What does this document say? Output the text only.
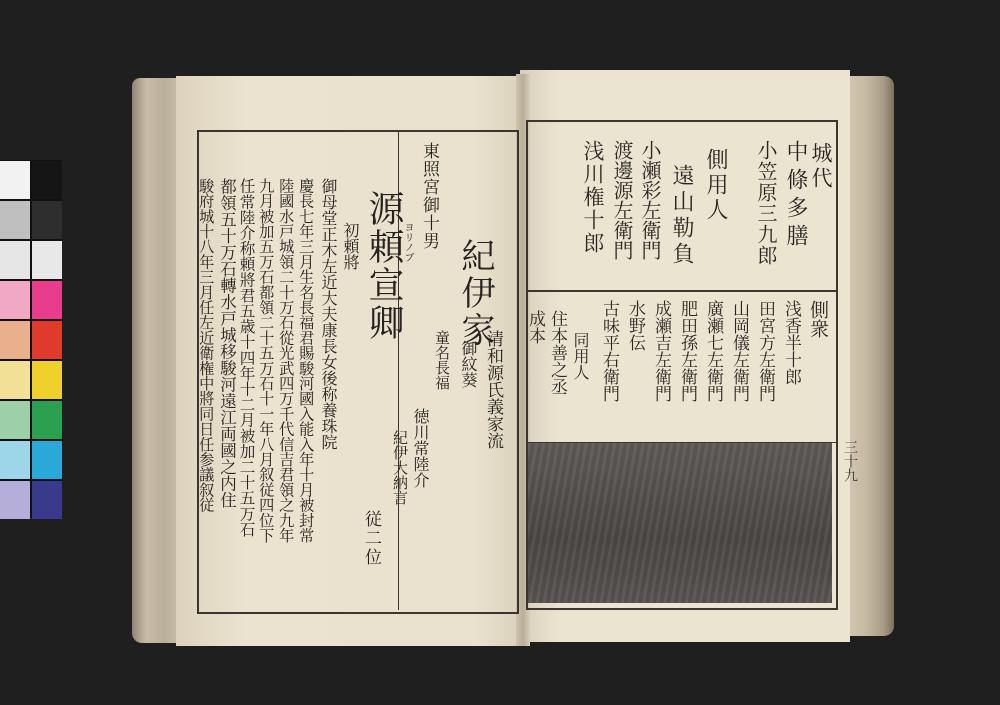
東照宮御十男
ヨリノブ
源頼宣卿
初頼將
御母堂正木左近大夫康長女後称養珠院
慶長七年三月生名長福君賜駿河國入能入年十月被封常
陸國水戸城領二十万石從光武四万千代信吉君領之九年
九月被加五万石都領二十五万石十一年八月叙従四位下
任常陸介称頼將君五歳十四年十二月被加二十五万石
都領五十万石轉水戸城移駿河遠江両國之内住
駿府城十八年三月任左近衛権中將同日任参議叙従
従二位
紀伊家
清和源氏義家流
御紋葵
童名長福
徳川常陸介
紀伊大納言
城代
中條多膳
小笠原三九郎
側用人
遠山勒負
小瀬彩左衛門
渡邊源左衛門
浅川権十郎
側衆
浅香半十郎
田宮方左衛門
山岡儀左衛門
廣瀬七左衛門
肥田孫左衛門
成瀬吉左衛門
水野伝
古味平右衛門
同用人
住本善之丞
成本
三十九
